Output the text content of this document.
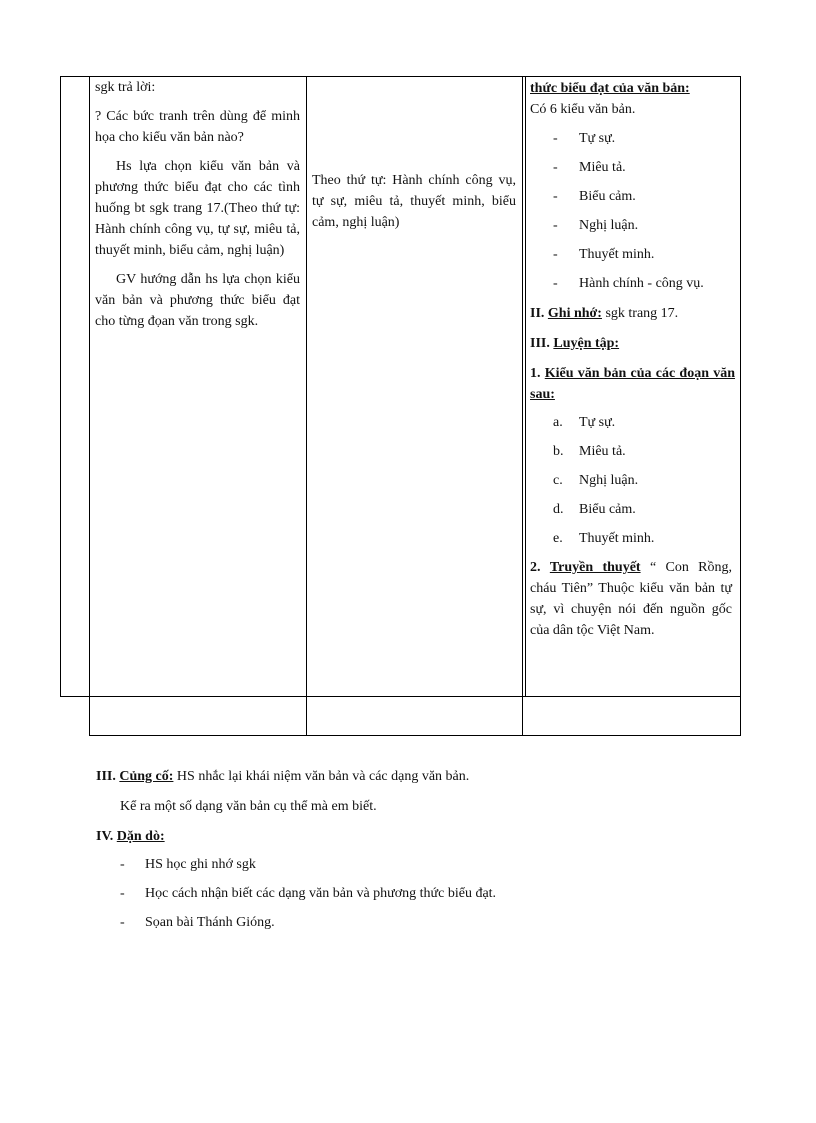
sgk trả lời:

? Các bức tranh trên dùng để minh họa cho kiểu văn bản nào?

Hs lựa chọn kiểu văn bản và phương thức biểu đạt cho các tình huống bt sgk trang 17.(Theo thứ tự: Hành chính công vụ, tự sự, miêu tả, thuyết minh, biểu cảm, nghị luận)

GV hướng dẫn hs lựa chọn kiểu văn bản và phương thức biểu đạt cho từng đọan văn trong sgk.

Theo thứ tự: Hành chính công vụ, tự sự, miêu tả, thuyết minh, biểu cảm, nghị luận)

thức biểu đạt của văn bản:

Có 6 kiểu văn bản.

- Tự sự.
- Miêu tả.
- Biểu cảm.
- Nghị luận.
- Thuyết minh.
- Hành chính - công vụ.
II. Ghi nhớ: sgk trang 17.
III. Luyện tập:
1. Kiểu văn bản của các đoạn văn sau:
a. Tự sự.
b. Miêu tả.
c. Nghị luận.
d. Biểu cảm.
e. Thuyết minh.
2. Truyền thuyết “ Con Rồng, cháu Tiên” Thuộc kiểu văn bản tự sự, vì chuyện nói đến nguồn gốc của dân tộc Việt Nam.
III. Củng cố: HS nhắc lại khái niệm văn bản và các dạng văn bản.
Kể ra một số dạng văn bản cụ thể mà em biết.
IV. Dặn dò:
- HS học ghi nhớ sgk
- Học cách nhận biết các dạng văn bản và phương thức biểu đạt.
- Sọan bài Thánh Gióng.
